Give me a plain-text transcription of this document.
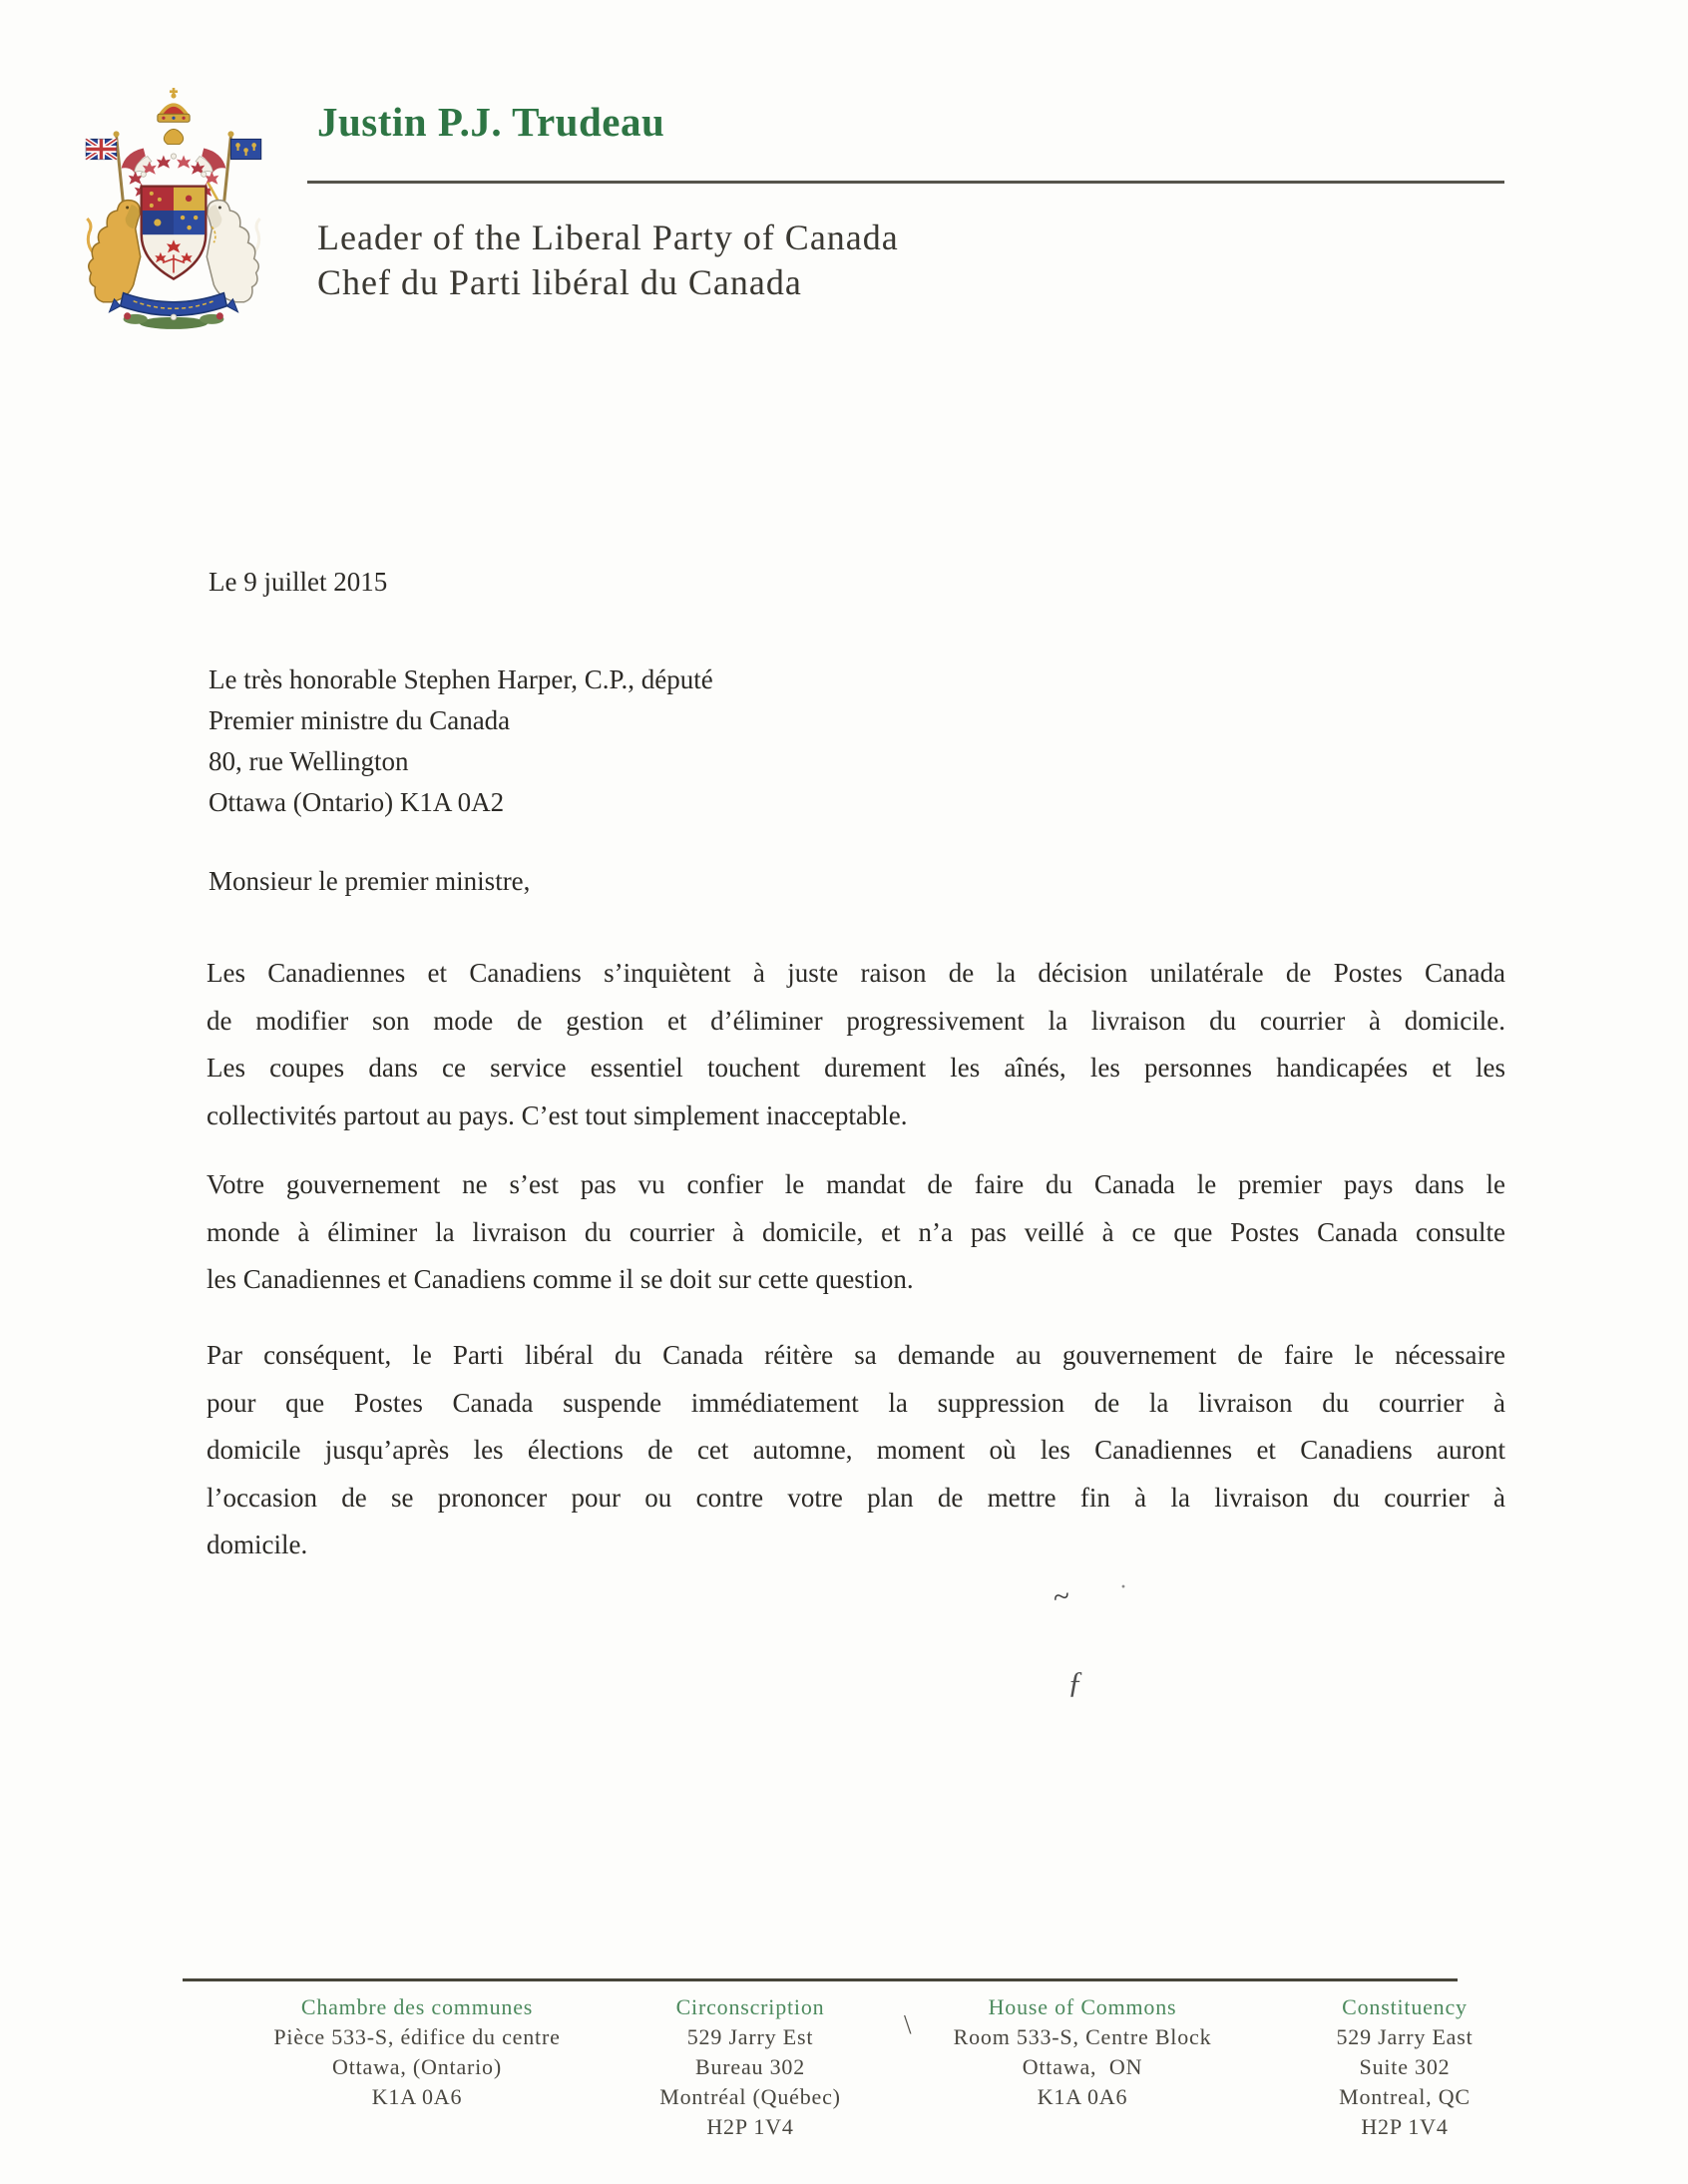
Justin P.J. Trudeau
Leader of the Liberal Party of Canada
Chef du Parti libéral du Canada
Le 9 juillet 2015
Le très honorable Stephen Harper, C.P., député
Premier ministre du Canada
80, rue Wellington
Ottawa (Ontario) K1A 0A2
Monsieur le premier ministre,
Les Canadiennes et Canadiens s’inquiètent à juste raison de la décision unilatérale de Postes Canada
de modifier son mode de gestion et d’éliminer progressivement la livraison du courrier à domicile.
Les coupes dans ce service essentiel touchent durement les aînés, les personnes handicapées et les
collectivités partout au pays. C’est tout simplement inacceptable.
Votre gouvernement ne s’est pas vu confier le mandat de faire du Canada le premier pays dans le
monde à éliminer la livraison du courrier à domicile, et n’a pas veillé à ce que Postes Canada consulte
les Canadiennes et Canadiens comme il se doit sur cette question.
Par conséquent, le Parti libéral du Canada réitère sa demande au gouvernement de faire le nécessaire
pour que Postes Canada suspende immédiatement la suppression de la livraison du courrier à
domicile jusqu’après les élections de cet automne, moment où les Canadiennes et Canadiens auront
l’occasion de se prononcer pour ou contre votre plan de mettre fin à la livraison du courrier à
domicile.
~ ·
ƒ
\
Chambre des communes
Pièce 533-S, édifice du centre
Ottawa, (Ontario)
K1A 0A6
Circonscription
529 Jarry Est
Bureau 302
Montréal (Québec)
H2P 1V4
House of Commons
Room 533-S, Centre Block
Ottawa,  ON
K1A 0A6
Constituency
529 Jarry East
Suite 302
Montreal, QC
H2P 1V4
